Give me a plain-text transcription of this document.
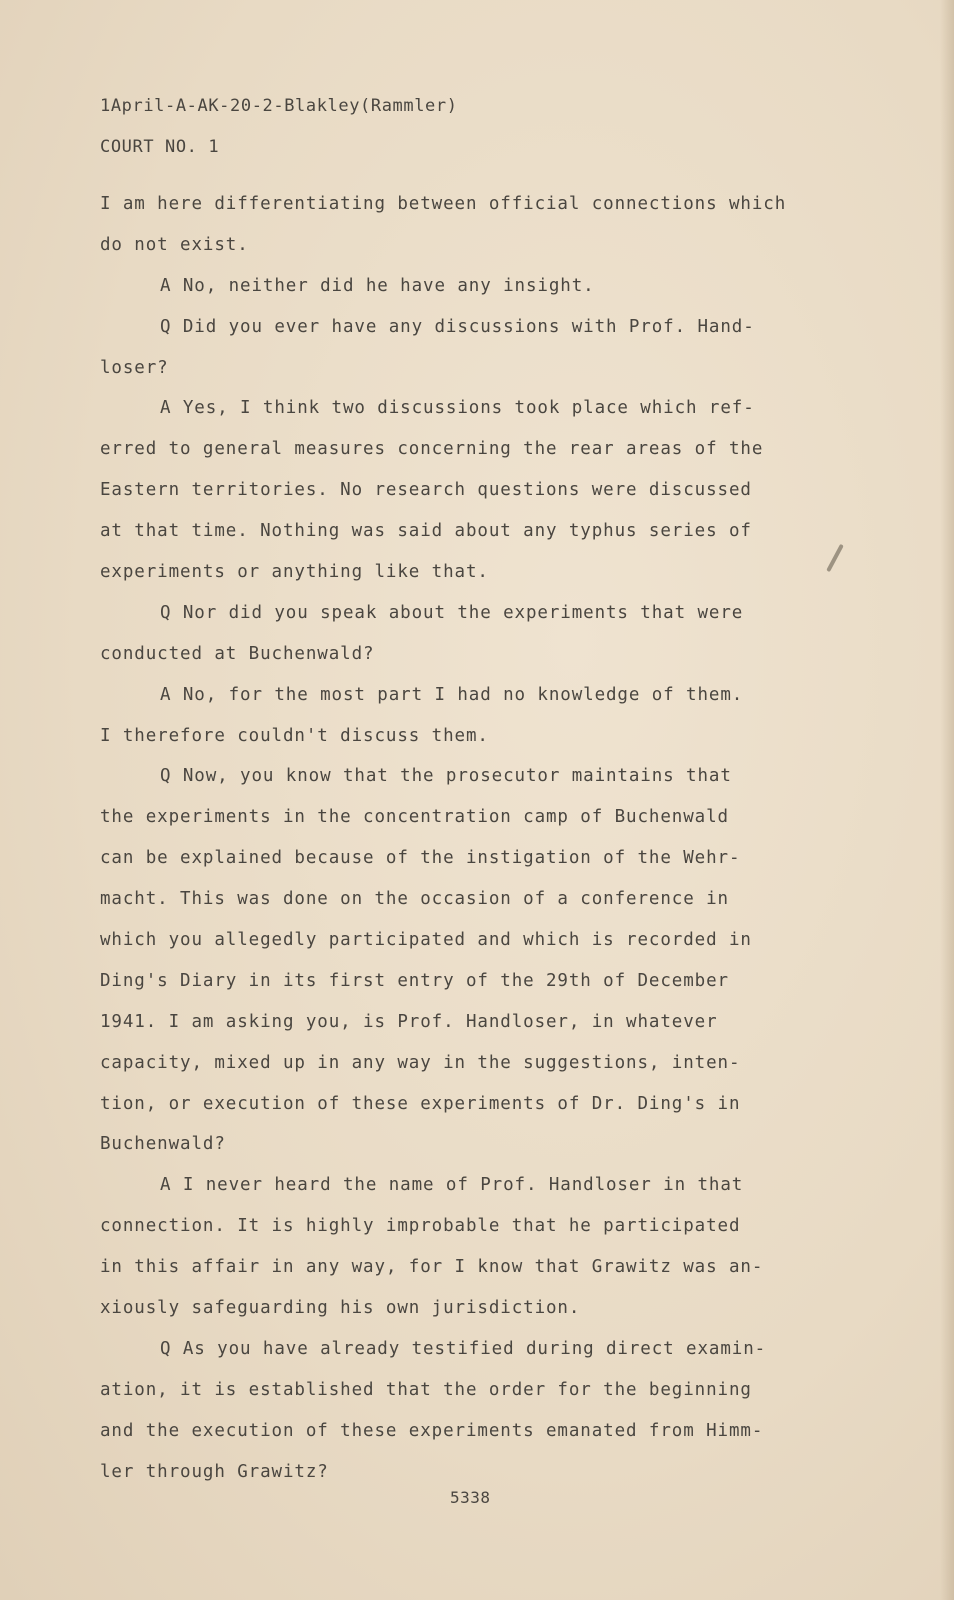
1April-A-AK-20-2-Blakley(Rammler)
COURT NO. 1
I am here differentiating between official connections which
do not exist.
A No, neither did he have any insight.
Q Did you ever have any discussions with Prof. Hand-
loser?
A Yes, I think two discussions took place which ref-
erred to general measures concerning the rear areas of the
Eastern territories. No research questions were discussed
at that time. Nothing was said about any typhus series of
experiments or anything like that.
Q Nor did you speak about the experiments that were
conducted at Buchenwald?
A No, for the most part I had no knowledge of them.
I therefore couldn't discuss them.
Q Now, you know that the prosecutor maintains that
the experiments in the concentration camp of Buchenwald
can be explained because of the instigation of the Wehr-
macht. This was done on the occasion of a conference in
which you allegedly participated and which is recorded in
Ding's Diary in its first entry of the 29th of December
1941. I am asking you, is Prof. Handloser, in whatever
capacity, mixed up in any way in the suggestions, inten-
tion, or execution of these experiments of Dr. Ding's in
Buchenwald?
A I never heard the name of Prof. Handloser in that
connection. It is highly improbable that he participated
in this affair in any way, for I know that Grawitz was an-
xiously safeguarding his own jurisdiction.
Q As you have already testified during direct examin-
ation, it is established that the order for the beginning
and the execution of these experiments emanated from Himm-
ler through Grawitz?
5338
